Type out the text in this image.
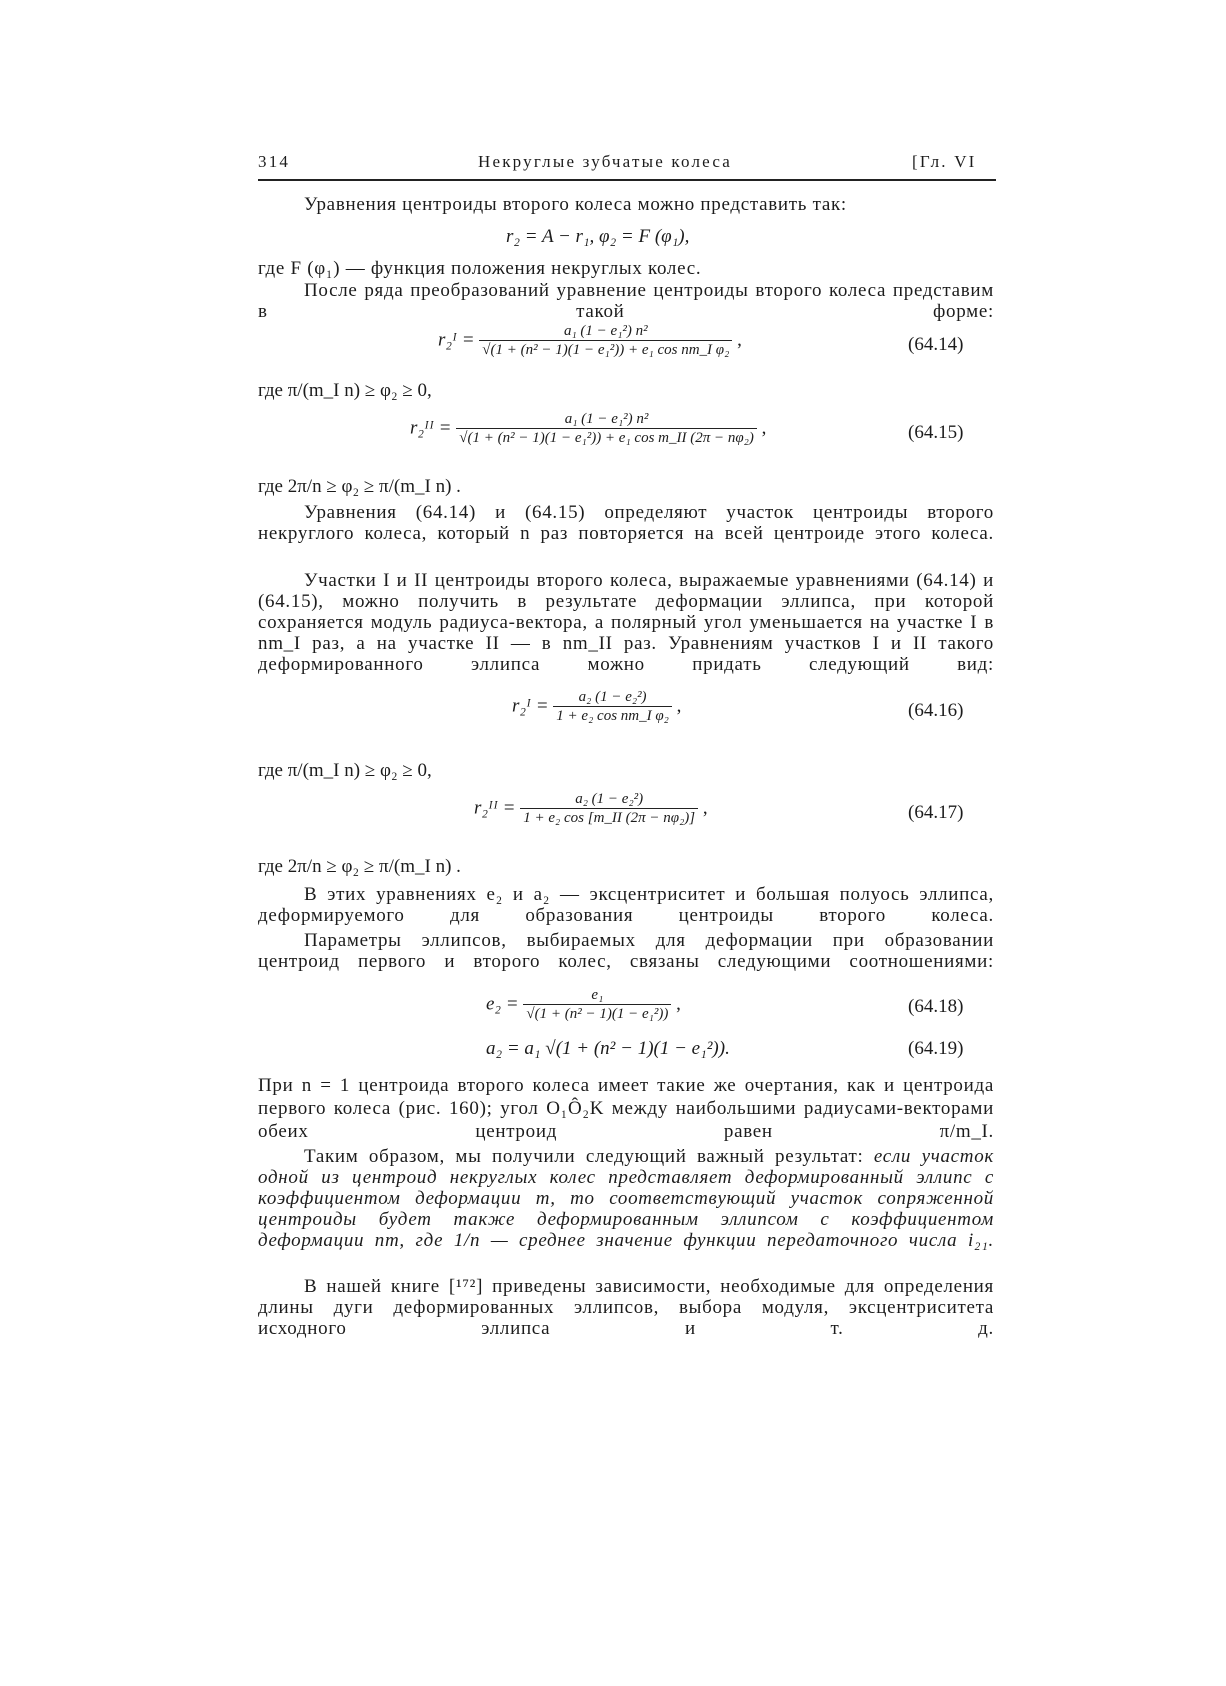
314	Некруглые зубчатые колеса	[Гл. VI
Уравнения центроиды второго колеса можно представить так:
r₂ = A − r₁, φ₂ = F (φ₁),
где F (φ₁) — функция положения некруглых колес.
После ряда преобразований уравнение центроиды второго колеса представим в такой форме:
r₂ᴵ = $\frac{\text{a₁ (1 − e₁²) n²}}{\text{√(1 + (n² − 1)(1 − e₁²)) + e₁ cos nm\_I φ₂}}$ ,	(64.14)
где π/(m_I n) ≥ φ₂ ≥ 0,
r₂ᴵᴵ = $\frac{\text{a₁ (1 − e₁²) n²}}{\text{√(1 + (n² − 1)(1 − e₁²)) + e₁ cos m\_II (2π − nφ₂)}}$ ,	(64.15)
где 2π/n ≥ φ₂ ≥ π/(m_I n) .
Уравнения (64.14) и (64.15) определяют участок центроиды второго некруглого колеса, который n раз повторяется на всей центроиде этого колеса.
Участки I и II центроиды второго колеса, выражаемые уравнениями (64.14) и (64.15), можно получить в результате деформации эллипса, при которой сохраняется модуль радиуса-вектора, а полярный угол уменьшается на участке I в nm_I раз, а на участке II — в nm_II раз. Уравнениям участков I и II такого деформированного эллипса можно придать следующий вид:
r₂ᴵ = $\frac{\text{a₂ (1 − e₂²)}}{\text{1 + e₂ cos nm\_I φ₂}}$ ,	(64.16)
где π/(m_I n) ≥ φ₂ ≥ 0,
r₂ᴵᴵ = $\frac{\text{a₂ (1 − e₂²)}}{\text{1 + e₂ cos [m\_II (2π − nφ₂)]}}$ ,	(64.17)
где 2π/n ≥ φ₂ ≥ π/(m_I n) .
В этих уравнениях e₂ и a₂ — эксцентриситет и большая полуось эллипса, деформируемого для образования центроиды второго колеса.
Параметры эллипсов, выбираемых для деформации при образовании центроид первого и второго колес, связаны следующими соотношениями:
$e_2 = \frac{\text{e₁}}{\text{√(1 + (n² − 1)(1 − e₁²))}}$ ,	(64.18)
a₂ = a₁ √(1 + (n² − 1)(1 − e₁²)).	(64.19)
При n = 1 центроида второго колеса имеет такие же очертания, как и центроида первого колеса (рис. 160); угол O₁Ô₂K между наибольшими радиусами-векторами обеих центроид равен π/m_I.
Таким образом, мы получили следующий важный результат: если участок одной из центроид некруглых колес представляет деформированный эллипс с коэффициентом деформации m, то соответствующий участок сопряженной центроиды будет также деформированным эллипсом с коэффициентом деформации nm, где 1/n — среднее значение функции передаточного числа i₂₁.
В нашей книге [¹⁷²] приведены зависимости, необходимые для определения длины дуги деформированных эллипсов, выбора модуля, эксцентриситета исходного эллипса и т. д.
